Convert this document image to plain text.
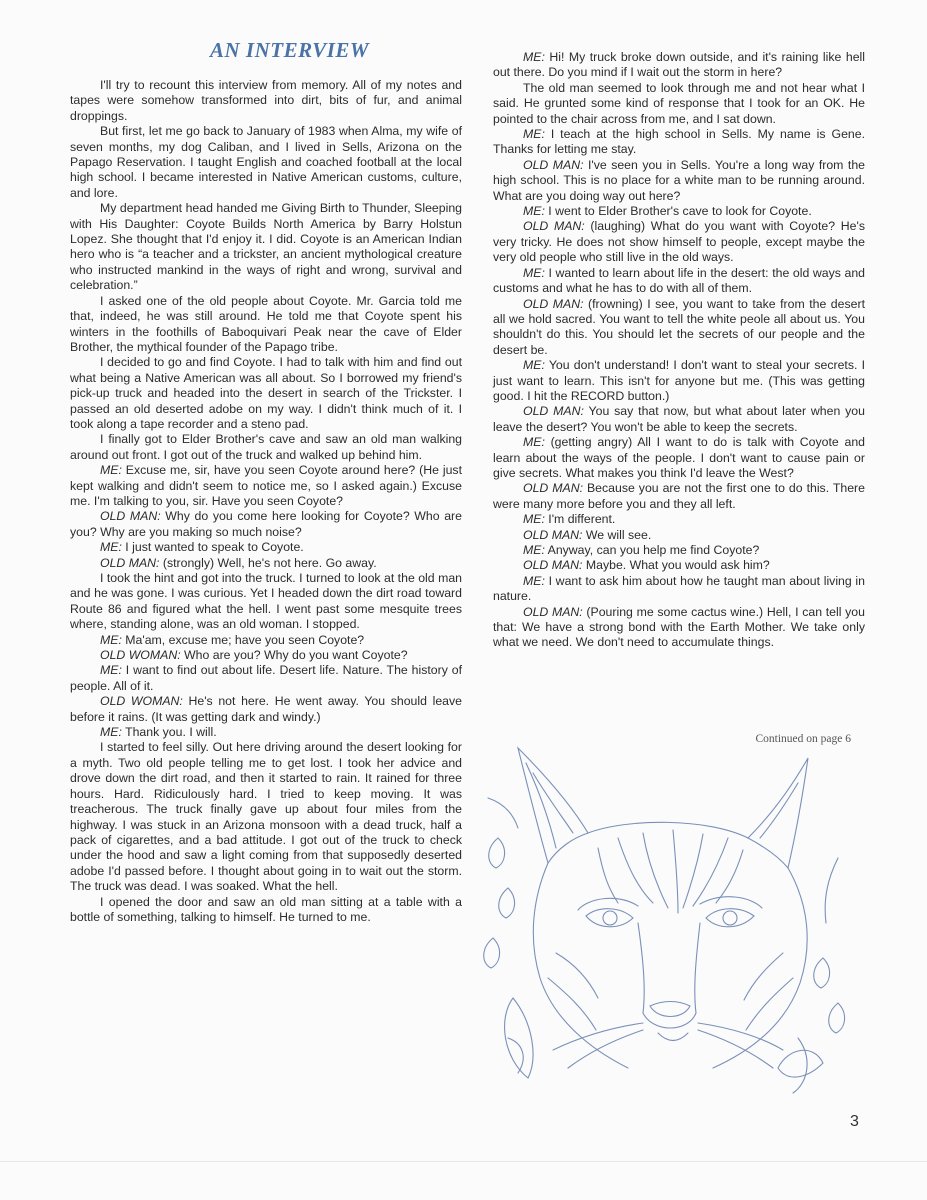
AN INTERVIEW

I'll try to recount this interview from memory. All of my notes and tapes were somehow transformed into dirt, bits of fur, and animal droppings.

But first, let me go back to January of 1983 when Alma, my wife of seven months, my dog Caliban, and I lived in Sells, Arizona on the Papago Reservation. I taught English and coached football at the local high school. I became interested in Native American customs, culture, and lore.

My department head handed me Giving Birth to Thunder, Sleeping with His Daughter: Coyote Builds North America by Barry Holstun Lopez. She thought that I'd enjoy it. I did. Coyote is an American Indian hero who is “a teacher and a trickster, an ancient mythological creature who instructed mankind in the ways of right and wrong, survival and celebration.”

I asked one of the old people about Coyote. Mr. Garcia told me that, indeed, he was still around. He told me that Coyote spent his winters in the foothills of Baboquivari Peak near the cave of Elder Brother, the mythical founder of the Papago tribe.

I decided to go and find Coyote. I had to talk with him and find out what being a Native American was all about. So I borrowed my friend's pick-up truck and headed into the desert in search of the Trickster. I passed an old deserted adobe on my way. I didn't think much of it. I took along a tape recorder and a steno pad.

I finally got to Elder Brother's cave and saw an old man walking around out front. I got out of the truck and walked up behind him.

ME: Excuse me, sir, have you seen Coyote around here? (He just kept walking and didn't seem to notice me, so I asked again.) Excuse me. I'm talking to you, sir. Have you seen Coyote?

OLD MAN: Why do you come here looking for Coyote? Who are you? Why are you making so much noise?

ME: I just wanted to speak to Coyote.

OLD MAN: (strongly) Well, he's not here. Go away.

I took the hint and got into the truck. I turned to look at the old man and he was gone. I was curious. Yet I headed down the dirt road toward Route 86 and figured what the hell. I went past some mesquite trees where, standing alone, was an old woman. I stopped.

ME: Ma'am, excuse me; have you seen Coyote?

OLD WOMAN: Who are you? Why do you want Coyote?

ME: I want to find out about life. Desert life. Nature. The history of people. All of it.

OLD WOMAN: He's not here. He went away. You should leave before it rains. (It was getting dark and windy.)

ME: Thank you. I will.

I started to feel silly. Out here driving around the desert looking for a myth. Two old people telling me to get lost. I took her advice and drove down the dirt road, and then it started to rain. It rained for three hours. Hard. Ridiculously hard. I tried to keep moving. It was treacherous. The truck finally gave up about four miles from the highway. I was stuck in an Arizona monsoon with a dead truck, half a pack of cigarettes, and a bad attitude. I got out of the truck to check under the hood and saw a light coming from that supposedly deserted adobe I'd passed before. I thought about going in to wait out the storm. The truck was dead. I was soaked. What the hell.

I opened the door and saw an old man sitting at a table with a bottle of something, talking to himself. He turned to me.

ME: Hi! My truck broke down outside, and it's raining like hell out there. Do you mind if I wait out the storm in here?

The old man seemed to look through me and not hear what I said. He grunted some kind of response that I took for an OK. He pointed to the chair across from me, and I sat down.

ME: I teach at the high school in Sells. My name is Gene. Thanks for letting me stay.

OLD MAN: I've seen you in Sells. You're a long way from the high school. This is no place for a white man to be running around. What are you doing way out here?

ME: I went to Elder Brother's cave to look for Coyote.

OLD MAN: (laughing) What do you want with Coyote? He's very tricky. He does not show himself to people, except maybe the very old people who still live in the old ways.

ME: I wanted to learn about life in the desert: the old ways and customs and what he has to do with all of them.

OLD MAN: (frowning) I see, you want to take from the desert all we hold sacred. You want to tell the white peole all about us. You shouldn't do this. You should let the secrets of our people and the desert be.

ME: You don't understand! I don't want to steal your secrets. I just want to learn. This isn't for anyone but me. (This was getting good. I hit the RECORD button.)

OLD MAN: You say that now, but what about later when you leave the desert? You won't be able to keep the secrets.

ME: (getting angry) All I want to do is talk with Coyote and learn about the ways of the people. I don't want to cause pain or give secrets. What makes you think I'd leave the West?

OLD MAN: Because you are not the first one to do this. There were many more before you and they all left.

ME: I'm different.

OLD MAN: We will see.

ME: Anyway, can you help me find Coyote?

OLD MAN: Maybe. What you would ask him?

ME: I want to ask him about how he taught man about living in nature.

OLD MAN: (Pouring me some cactus wine.) Hell, I can tell you that: We have a strong bond with the Earth Mother. We take only what we need. We don't need to accumulate things.

Continued on page 6
3
